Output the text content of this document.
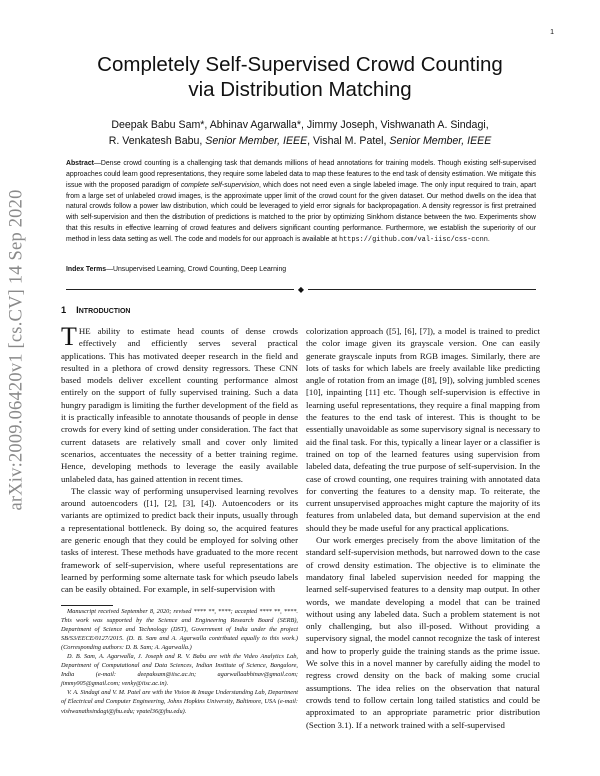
1
arXiv:2009.06420v1 [cs.CV] 14 Sep 2020
Completely Self-Supervised Crowd Counting
via Distribution Matching
Deepak Babu Sam*, Abhinav Agarwalla*, Jimmy Joseph, Vishwanath A. Sindagi,
R. Venkatesh Babu, Senior Member, IEEE, Vishal M. Patel, Senior Member, IEEE
Abstract—Dense crowd counting is a challenging task that demands millions of head annotations for training models. Though existing self-supervised approaches could learn good representations, they require some labeled data to map these features to the end task of density estimation. We mitigate this issue with the proposed paradigm of complete self-supervision, which does not need even a single labeled image. The only input required to train, apart from a large set of unlabeled crowd images, is the approximate upper limit of the crowd count for the given dataset. Our method dwells on the idea that natural crowds follow a power law distribution, which could be leveraged to yield error signals for backpropagation. A density regressor is first pretrained with self-supervision and then the distribution of predictions is matched to the prior by optimizing Sinkhorn distance between the two. Experiments show that this results in effective learning of crowd features and delivers significant counting performance. Furthermore, we establish the superiority of our method in less data setting as well. The code and models for our approach is available at https://github.com/val-iisc/css-ccnn.
Index Terms—Unsupervised Learning, Crowd Counting, Deep Learning
◆
1 Introduction

THE ability to estimate head counts of dense crowds effectively and efficiently serves several practical applications. This has motivated deeper research in the field and resulted in a plethora of crowd density regressors. These CNN based models deliver excellent counting performance almost entirely on the support of fully supervised training. Such a data hungry paradigm is limiting the further development of the field as it is practically infeasible to annotate thousands of people in dense crowds for every kind of setting under consideration. The fact that current datasets are relatively small and cover only limited scenarios, accentuates the necessity of a better training regime. Hence, developing methods to leverage the easily available unlabeled data, has gained attention in recent times.

The classic way of performing unsupervised learning revolves around autoencoders ([1], [2], [3], [4]). Autoencoders or its variants are optimized to predict back their inputs, usually through a representational bottleneck. By doing so, the acquired features are generic enough that they could be employed for solving other tasks of interest. These methods have graduated to the more recent framework of self-supervision, where useful representations are learned by performing some alternate task for which pseudo labels can be easily obtained. For example, in self-supervision with

Manuscript received September 8, 2020; revised **** **, ****; accepted **** **, ****. This work was supported by the Science and Engineering Research Board (SERB), Department of Science and Technology (DST), Government of India under the project SB/S3/EECE/0127/2015. (D. B. Sam and A. Agarwalla contributed equally to this work.) (Corresponding authors: D. B. Sam; A. Agarwalla.)

D. B. Sam, A. Agarwalla, J. Joseph and R. V. Babu are with the Video Analytics Lab, Department of Computational and Data Sciences, Indian Institute of Science, Bangalore, India (e-mail: deepaksam@iisc.ac.in; agarwallaabhinav@gmail.com; jimmy005@gmail.com; venky@iisc.ac.in).

V. A. Sindagi and V. M. Patel are with the Vision & Image Understanding Lab, Department of Electrical and Computer Engineering, Johns Hopkins University, Baltimore, USA (e-mail: vishwanathsindagi@jhu.edu; vpatel36@jhu.edu).

colorization approach ([5], [6], [7]), a model is trained to predict the color image given its grayscale version. One can easily generate grayscale inputs from RGB images. Similarly, there are lots of tasks for which labels are freely available like predicting angle of rotation from an image ([8], [9]), solving jumbled scenes [10], inpainting [11] etc. Though self-supervision is effective in learning useful representations, they require a final mapping from the features to the end task of interest. This is thought to be essentially unavoidable as some supervisory signal is necessary to aid the final task. For this, typically a linear layer or a classifier is trained on top of the learned features using supervision from labeled data, defeating the true purpose of self-supervision. In the case of crowd counting, one requires training with annotated data for converting the features to a density map. To reiterate, the current unsupervised approaches might capture the majority of its features from unlabeled data, but demand supervision at the end should they be made useful for any practical applications.

Our work emerges precisely from the above limitation of the standard self-supervision methods, but narrowed down to the case of crowd density estimation. The objective is to eliminate the mandatory final labeled supervision needed for mapping the learned self-supervised features to a density map output. In other words, we mandate developing a model that can be trained without using any labeled data. Such a problem statement is not only challenging, but also ill-posed. Without providing a supervisory signal, the model cannot recognize the task of interest and how to properly guide the training stands as the prime issue. We solve this in a novel manner by carefully aiding the model to regress crowd density on the back of making some crucial assumptions. The idea relies on the observation that natural crowds tend to follow certain long tailed statistics and could be approximated to an appropriate parametric prior distribution (Section 3.1). If a network trained with a self-supervised
